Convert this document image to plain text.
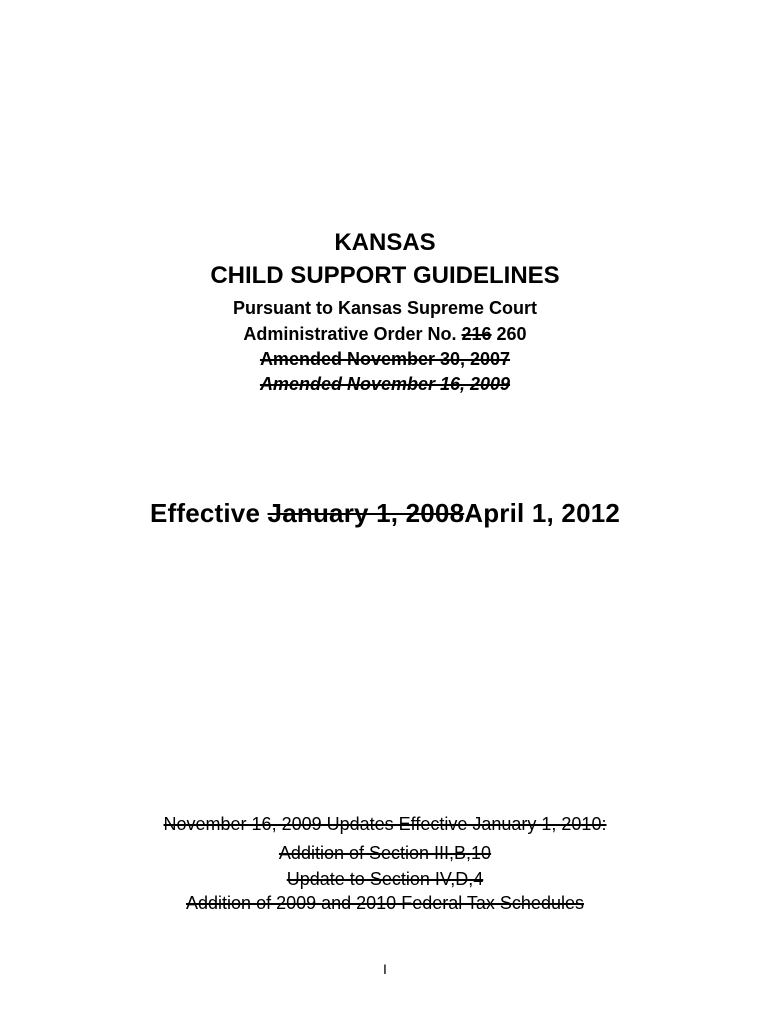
KANSAS
CHILD SUPPORT GUIDELINES
Pursuant to Kansas Supreme Court
Administrative Order No. 216 260
Amended November 30, 2007
Amended November 16, 2009
Effective January 1, 2008April 1, 2012
November 16, 2009 Updates Effective January 1, 2010:
Addition of Section III,B,10
Update to Section IV,D,4
Addition of 2009 and 2010 Federal Tax Schedules
I
